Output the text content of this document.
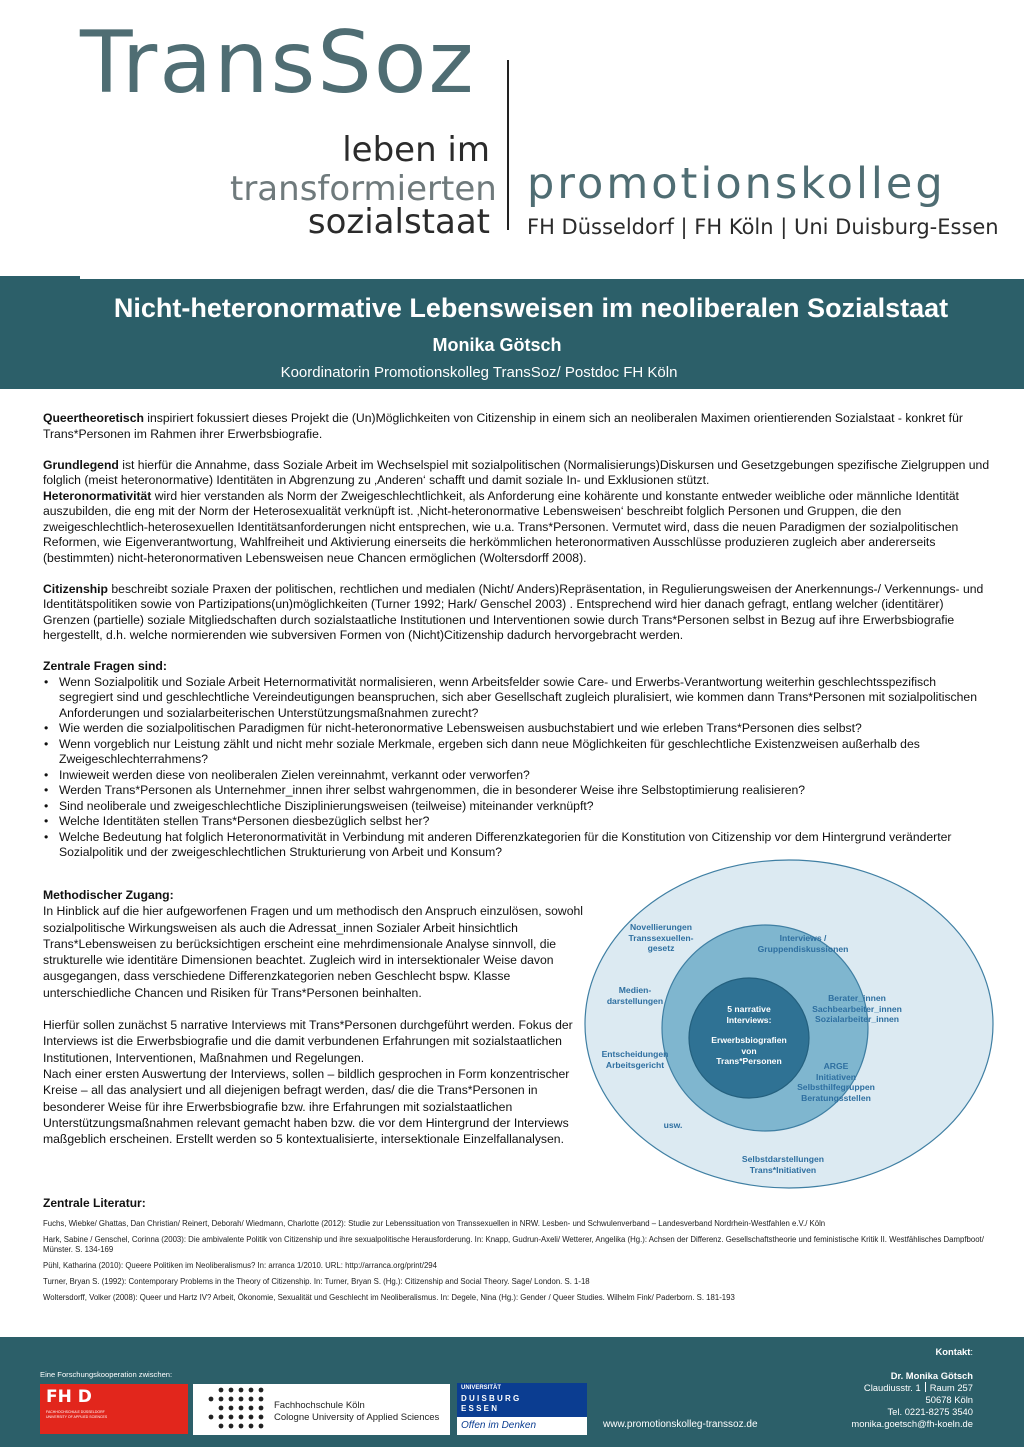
TransSoz
leben im
transformierten
sozialstaat
promotionskolleg
FH Düsseldorf | FH Köln | Uni Duisburg-Essen
Nicht-heteronormative Lebensweisen im neoliberalen Sozialstaat
Monika Götsch
Koordinatorin Promotionskolleg TransSoz/ Postdoc FH Köln

Queertheoretisch inspiriert fokussiert dieses Projekt die (Un)Möglichkeiten von Citizenship in einem sich an neoliberalen Maximen orientierenden Sozialstaat - konkret für Trans*Personen im Rahmen ihrer Erwerbsbiografie.

Grundlegend ist hierfür die Annahme, dass Soziale Arbeit im Wechselspiel mit sozialpolitischen (Normalisierungs)Diskursen und Gesetzgebungen spezifische Zielgruppen und folglich (meist heteronormative) Identitäten in Abgrenzung zu ‚Anderen‘ schafft und damit soziale In- und Exklusionen stützt.

Heteronormativität wird hier verstanden als Norm der Zweigeschlechtlichkeit, als Anforderung eine kohärente und konstante entweder weibliche oder männliche Identität auszubilden, die eng mit der Norm der Heterosexualität verknüpft ist. ‚Nicht-heteronormative Lebensweisen‘ beschreibt folglich Personen und Gruppen, die den zweigeschlechtlich-heterosexuellen Identitätsanforderungen nicht entsprechen, wie u.a. Trans*Personen. Vermutet wird, dass die neuen Paradigmen der sozialpolitischen Reformen, wie Eigenverantwortung, Wahlfreiheit und Aktivierung einerseits die herkömmlichen heteronormativen Ausschlüsse produzieren zugleich aber andererseits (bestimmten) nicht-heteronormativen Lebensweisen neue Chancen ermöglichen (Woltersdorff 2008).

Citizenship beschreibt soziale Praxen der politischen, rechtlichen und medialen (Nicht/ Anders)Repräsentation, in Regulierungsweisen der Anerkennungs-/ Verkennungs- und Identitätspolitiken sowie von Partizipations(un)möglichkeiten (Turner 1992; Hark/ Genschel 2003) . Entsprechend wird hier danach gefragt, entlang welcher (identitärer) Grenzen (partielle) soziale Mitgliedschaften durch sozialstaatliche Institutionen und Interventionen sowie durch Trans*Personen selbst in Bezug auf ihre Erwerbsbiografie hergestellt, d.h. welche normierenden wie subversiven Formen von (Nicht)Citizenship dadurch hervorgebracht werden.

Zentrale Fragen sind:

• Wenn Sozialpolitik und Soziale Arbeit Heternormativität normalisieren, wenn Arbeitsfelder sowie Care- und Erwerbs-Verantwortung weiterhin geschlechtsspezifisch segregiert sind und geschlechtliche Vereindeutigungen beanspruchen, sich aber Gesellschaft zugleich pluralisiert, wie kommen dann Trans*Personen mit sozialpolitischen Anforderungen und sozialarbeiterischen Unterstützungsmaßnahmen zurecht?
• Wie werden die sozialpolitischen Paradigmen für nicht-heteronormative Lebensweisen ausbuchstabiert und wie erleben Trans*Personen dies selbst?
• Wenn vorgeblich nur Leistung zählt und nicht mehr soziale Merkmale, ergeben sich dann neue Möglichkeiten für geschlechtliche Existenzweisen außerhalb des Zweigeschlechterrahmens?
• Inwieweit werden diese von neoliberalen Zielen vereinnahmt, verkannt oder verworfen?
• Werden Trans*Personen als Unternehmer_innen ihrer selbst wahrgenommen, die in besonderer Weise ihre Selbstoptimierung realisieren?
• Sind neoliberale und zweigeschlechtliche Disziplinierungsweisen (teilweise) miteinander verknüpft?
• Welche Identitäten stellen Trans*Personen diesbezüglich selbst her?
• Welche Bedeutung hat folglich Heteronormativität in Verbindung mit anderen Differenzkategorien für die Konstitution von Citizenship vor dem Hintergrund veränderter Sozialpolitik und der zweigeschlechtlichen Strukturierung von Arbeit und Konsum?

Methodischer Zugang:

In Hinblick auf die hier aufgeworfenen Fragen und um methodisch den Anspruch einzulösen, sowohl sozialpolitische Wirkungsweisen als auch die Adressat_innen Sozialer Arbeit hinsichtlich Trans*Lebensweisen zu berücksichtigen erscheint eine mehrdimensionale Analyse sinnvoll, die strukturelle wie identitäre Dimensionen beachtet. Zugleich wird in intersektionaler Weise davon ausgegangen, dass verschiedene Differenzkategorien neben Geschlecht bspw. Klasse unterschiedliche Chancen und Risiken für Trans*Personen beinhalten.

Hierfür sollen zunächst 5 narrative Interviews mit Trans*Personen durchgeführt werden. Fokus der Interviews ist die Erwerbsbiografie und die damit verbundenen Erfahrungen mit sozialstaatlichen Institutionen, Interventionen, Maßnahmen und Regelungen.

Nach einer ersten Auswertung der Interviews, sollen – bildlich gesprochen in Form konzentrischer Kreise – all das analysiert und all diejenigen befragt werden, das/ die die Trans*Personen in besonderer Weise für ihre Erwerbsbiografie bzw. ihre Erfahrungen mit sozialstaatlichen Unterstützungsmaßnahmen relevant gemacht haben bzw. die vor dem Hintergrund der Interviews maßgeblich erscheinen. Erstellt werden so 5 kontextualisierte, intersektionale Einzelfallanalysen.

Novellierungen
Transsexuellen-
gesetz
Medien-
darstellungen
Entscheidungen
Arbeitsgericht
usw.
Selbstdarstellungen
Trans*Initiativen
Interviews /
Gruppendiskussionen
Berater_innen
Sachbearbeiter_innen
Sozialarbeiter_innen
ARGE
Initiativen
Selbsthilfegruppen
Beratungsstellen
5 narrative
Interviews:
Erwerbsbiografien
von
Trans*Personen
Zentrale Literatur:
Fuchs, Wiebke/ Ghattas, Dan Christian/ Reinert, Deborah/ Wiedmann, Charlotte (2012): Studie zur Lebenssituation von Transsexuellen in NRW. Lesben- und Schwulenverband – Landesverband Nordrhein-Westfahlen e.V./ Köln
Hark, Sabine / Genschel, Corinna (2003): Die ambivalente Politik von Citizenship und ihre sexualpolitische Herausforderung. In: Knapp, Gudrun-Axeli/ Wetterer, Angelika (Hg.): Achsen der Differenz. Gesellschaftstheorie und feministische Kritik II. Westfählisches Dampfboot/ Münster. S. 134-169
Pühl, Katharina (2010): Queere Politiken im Neoliberalismus? In: arranca 1/2010. URL: http://arranca.org/print/294
Turner, Bryan S. (1992): Contemporary Problems in the Theory of Citizenship. In: Turner, Bryan S. (Hg.): Citizenship and Social Theory. Sage/ London. S. 1-18
Woltersdorff, Volker (2008): Queer und Hartz IV? Arbeit, Ökonomie, Sexualität und Geschlecht im Neoliberalismus. In: Degele, Nina (Hg.): Gender / Queer Studies. Wilhelm Fink/ Paderborn. S. 181-193
Eine Forschungskooperation zwischen:
FH D
FACHHOCHSCHULE DÜSSELDORF
UNIVERSITY OF APPLIED SCIENCES
Fachhochschule Köln
Cologne University of Applied Sciences
UNIVERSITÄT
D U I S B U R G
E S S E N
Offen im Denken	www.promotionskolleg-transsoz.de
Kontakt:
Dr. Monika Götsch
Claudiusstr. 1 Raum 257
50678 Köln
Tel. 0221-8275 3540
monika.goetsch@fh-koeln.de
